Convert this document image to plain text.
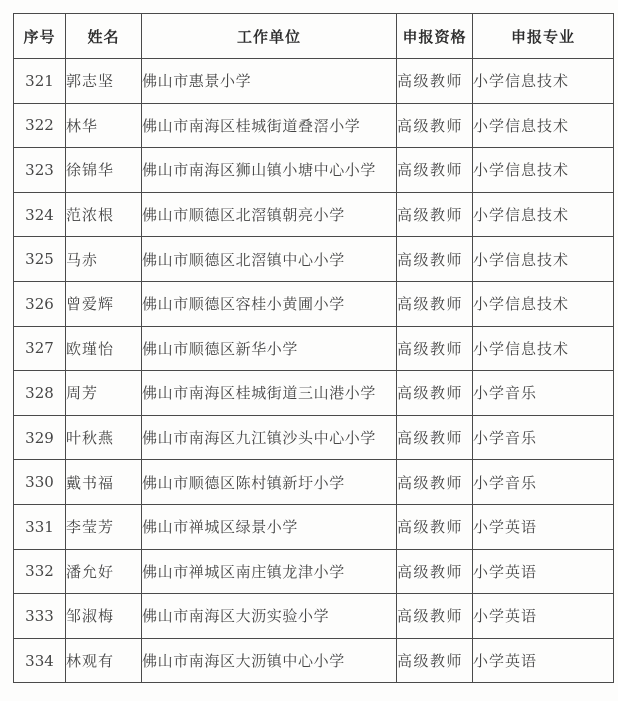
序号	姓名	工作单位	申报资格	申报专业
321	郭志坚	佛山市惠景小学	高级教师	小学信息技术
322	林华	佛山市南海区桂城街道叠滘小学	高级教师	小学信息技术
323	徐锦华	佛山市南海区狮山镇小塘中心小学	高级教师	小学信息技术
324	范浓根	佛山市顺德区北滘镇朝亮小学	高级教师	小学信息技术
325	马赤	佛山市顺德区北滘镇中心小学	高级教师	小学信息技术
326	曾爱辉	佛山市顺德区容桂小黄圃小学	高级教师	小学信息技术
327	欧瑾怡	佛山市顺德区新华小学	高级教师	小学信息技术
328	周芳	佛山市南海区桂城街道三山港小学	高级教师	小学音乐
329	叶秋燕	佛山市南海区九江镇沙头中心小学	高级教师	小学音乐
330	戴书福	佛山市顺德区陈村镇新圩小学	高级教师	小学音乐
331	李莹芳	佛山市禅城区绿景小学	高级教师	小学英语
332	潘允好	佛山市禅城区南庄镇龙津小学	高级教师	小学英语
333	邹淑梅	佛山市南海区大沥实验小学	高级教师	小学英语
334	林观有	佛山市南海区大沥镇中心小学	高级教师	小学英语
